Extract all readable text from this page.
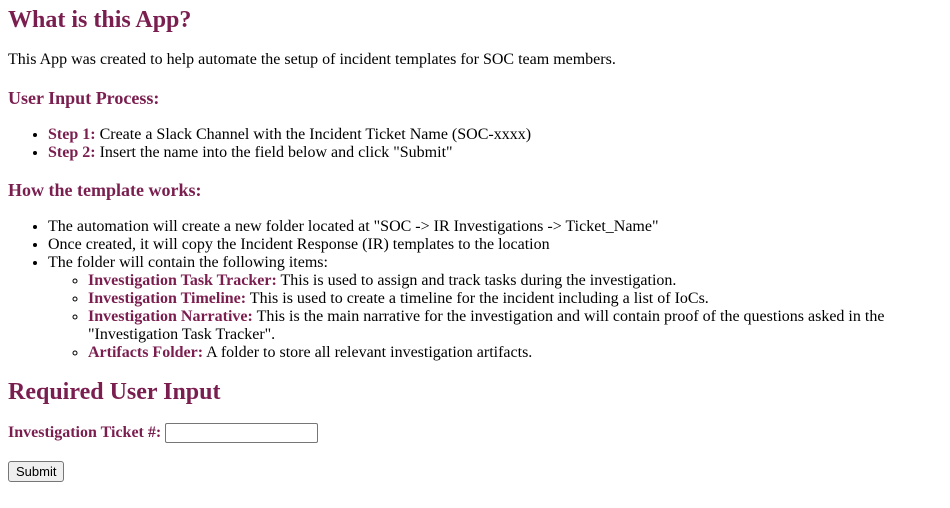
What is this App?

This App was created to help automate the setup of incident templates for SOC team members.

User Input Process:
• Step 1: Create a Slack Channel with the Incident Ticket Name (SOC-xxxx)
• Step 2: Insert the name into the field below and click "Submit"
How the template works:
• The automation will create a new folder located at "SOC -> IR Investigations -> Ticket_Name"
• Once created, it will copy the Incident Response (IR) templates to the location
• The folder will contain the following items:
◦ Investigation Task Tracker: This is used to assign and track tasks during the investigation.
◦ Investigation Timeline: This is used to create a timeline for the incident including a list of IoCs.
◦ Investigation Narrative: This is the main narrative for the investigation and will contain proof of the questions asked in the "Investigation Task Tracker".
◦ Artifacts Folder: A folder to store all relevant investigation artifacts.
Required User Input
Investigation Ticket #:
Submit
